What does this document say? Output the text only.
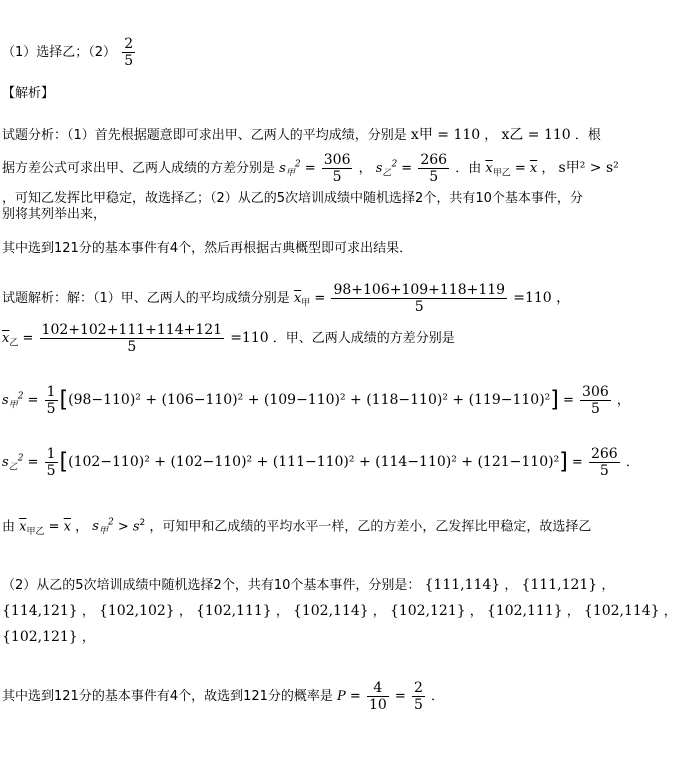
（1）选择乙；$(2) \frac{2}{5}$
【解析】
试题分析：（1）首先根据题意即可求出甲、乙两人的平均成绩，分别是 x甲 = 110 ， x乙 = 110 ．根
据方差公式可求出甲、乙两人成绩的方差分别是 $s_甲^2 = \frac{306}{5}$ ， $s_乙^2 = \frac{266}{5}$ ．由 $\overline{x}_{甲乙} = \overline{x}$ ， s甲² > s²
，可知乙发挥比甲稳定，故选择乙；（2）从乙的5次培训成绩中随机选择2个，共有10个基本事件，分
别将其列举出来，
其中选到121分的基本事件有4个，然后再根据古典概型即可求出结果．
试题解析：解：（1）甲、乙两人的平均成绩分别是 $\overline{x}_甲 = \frac{98+106+109+118+119}{5} =110$ ，
$\overline{x}_乙 = \frac{102+102+111+114+121}{5} =110$ ．甲、乙两人成绩的方差分别是
$s_甲^2 = \frac{1}{5} [(98-110)^2 + (106-110)^2 + (109-110)^2 + (118-110)^2 + (119-110)^2] = \frac{306}{5}$ ，
$s_乙^2 = \frac{1}{5} [(102-110)^2 + (102-110)^2 + (111-110)^2 + (114-110)^2 + (121-110)^2] = \frac{266}{5}$ ．
由 $\overline{x}_{甲乙} = \overline{x}$ ， $s_甲^2 > s^2$ ，可知甲和乙成绩的平均水平一样，乙的方差小，乙发挥比甲稳定，故选择乙
（2）从乙的5次培训成绩中随机选择2个，共有10个基本事件，分别是： {111,114} ， {111,121} ，
{114,121} ， {102,102} ， {102,111} ， {102,114} ， {102,121} ， {102,111} ， {102,114} ，
{102,121} ，
其中选到121分的基本事件有4个，故选到121分的概率是 $P = \frac{4}{10} = \frac{2}{5}$ ．
